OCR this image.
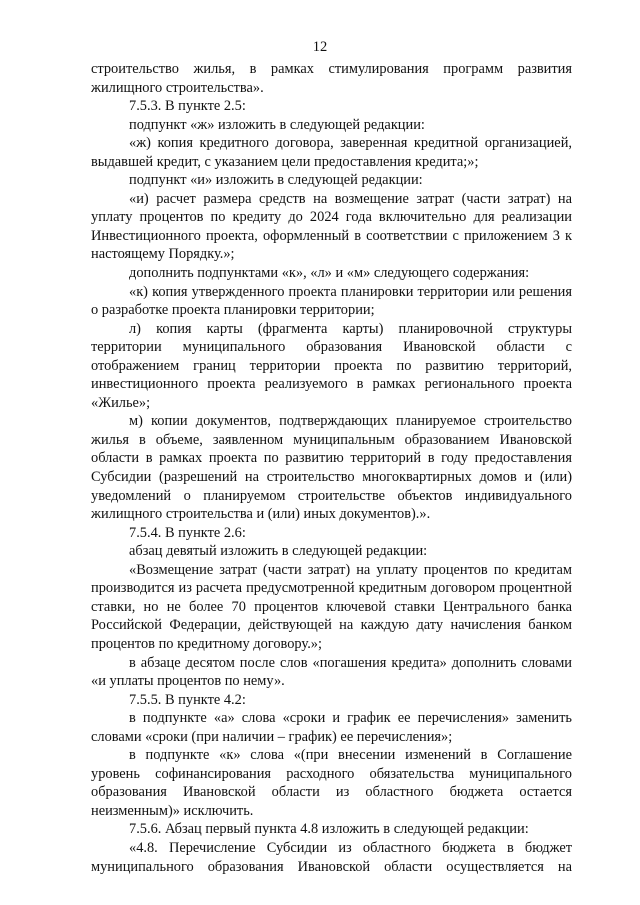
12

строительство жилья, в рамках стимулирования программ развития жилищного строительства».

7.5.3. В пункте 2.5:

подпункт «ж» изложить в следующей редакции:

«ж) копия кредитного договора, заверенная кредитной организацией, выдавшей кредит, с указанием цели предоставления кредита;»;

подпункт «и» изложить в следующей редакции:

«и) расчет размера средств на возмещение затрат (части затрат) на уплату процентов по кредиту до 2024 года включительно для реализации Инвестиционного проекта, оформленный в соответствии с приложением 3 к настоящему Порядку.»;

дополнить подпунктами «к», «л» и «м» следующего содержания:

«к) копия утвержденного проекта планировки территории или решения о разработке проекта планировки территории;

л) копия карты (фрагмента карты) планировочной структуры территории муниципального образования Ивановской области с отображением границ территории проекта по развитию территорий, инвестиционного проекта реализуемого в рамках регионального проекта «Жилье»;

м) копии документов, подтверждающих планируемое строительство жилья в объеме, заявленном муниципальным образованием Ивановской области в рамках проекта по развитию территорий в году предоставления Субсидии (разрешений на строительство многоквартирных домов и (или) уведомлений о планируемом строительстве объектов индивидуального жилищного строительства и (или) иных документов).».

7.5.4. В пункте 2.6:

абзац девятый изложить в следующей редакции:

«Возмещение затрат (части затрат) на уплату процентов по кредитам производится из расчета предусмотренной кредитным договором процентной ставки, но не более 70 процентов ключевой ставки Центрального банка Российской Федерации, действующей на каждую дату начисления банком процентов по кредитному договору.»;

в абзаце десятом после слов «погашения кредита» дополнить словами «и уплаты процентов по нему».

7.5.5. В пункте 4.2:

в подпункте «а» слова «сроки и график ее перечисления» заменить словами «сроки (при наличии – график) ее перечисления»;

в подпункте «к» слова «(при внесении изменений в Соглашение уровень софинансирования расходного обязательства муниципального образования Ивановской области из областного бюджета остается неизменным)» исключить.

7.5.6. Абзац первый пункта 4.8 изложить в следующей редакции:

«4.8. Перечисление Субсидии из областного бюджета в бюджет муниципального образования Ивановской области осуществляется на
